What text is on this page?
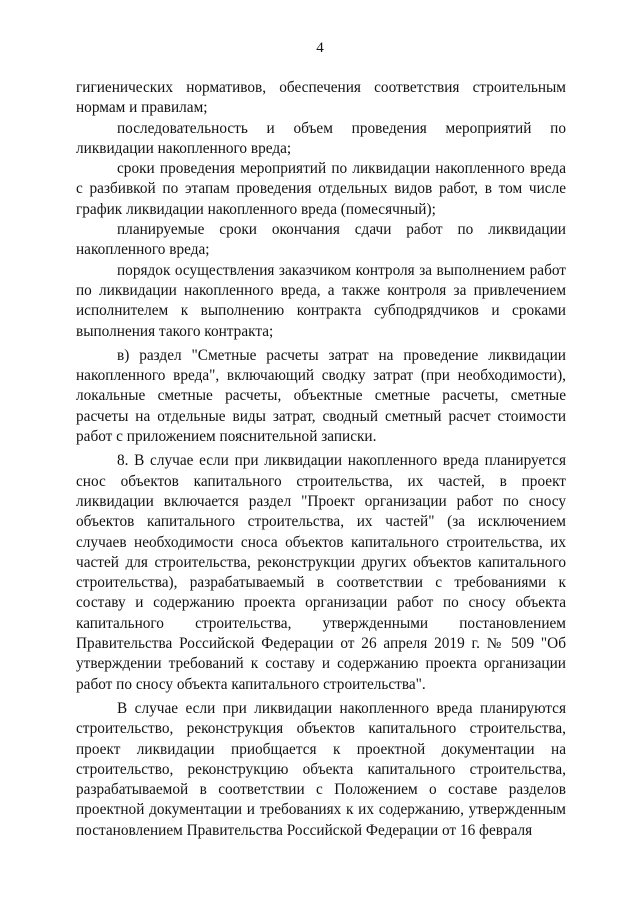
4

гигиенических нормативов, обеспечения соответствия строительным нормам и правилам;

последовательность и объем проведения мероприятий по ликвидации накопленного вреда;

сроки проведения мероприятий по ликвидации накопленного вреда с разбивкой по этапам проведения отдельных видов работ, в том числе график ликвидации накопленного вреда (помесячный);

планируемые сроки окончания сдачи работ по ликвидации накопленного вреда;

порядок осуществления заказчиком контроля за выполнением работ по ликвидации накопленного вреда, а также контроля за привлечением исполнителем к выполнению контракта субподрядчиков и сроками выполнения такого контракта;

в) раздел "Сметные расчеты затрат на проведение ликвидации накопленного вреда", включающий сводку затрат (при необходимости), локальные сметные расчеты, объектные сметные расчеты, сметные расчеты на отдельные виды затрат, сводный сметный расчет стоимости работ с приложением пояснительной записки.

8. В случае если при ликвидации накопленного вреда планируется снос объектов капитального строительства, их частей, в проект ликвидации включается раздел "Проект организации работ по сносу объектов капитального строительства, их частей" (за исключением случаев необходимости сноса объектов капитального строительства, их частей для строительства, реконструкции других объектов капитального строительства), разрабатываемый в соответствии с требованиями к составу и содержанию проекта организации работ по сносу объекта капитального строительства, утвержденными постановлением Правительства Российской Федерации от 26 апреля 2019 г. № 509 "Об утверждении требований к составу и содержанию проекта организации работ по сносу объекта капитального строительства".

В случае если при ликвидации накопленного вреда планируются строительство, реконструкция объектов капитального строительства, проект ликвидации приобщается к проектной документации на строительство, реконструкцию объекта капитального строительства, разрабатываемой в соответствии с Положением о составе разделов проектной документации и требованиях к их содержанию, утвержденным постановлением Правительства Российской Федерации от 16 февраля
